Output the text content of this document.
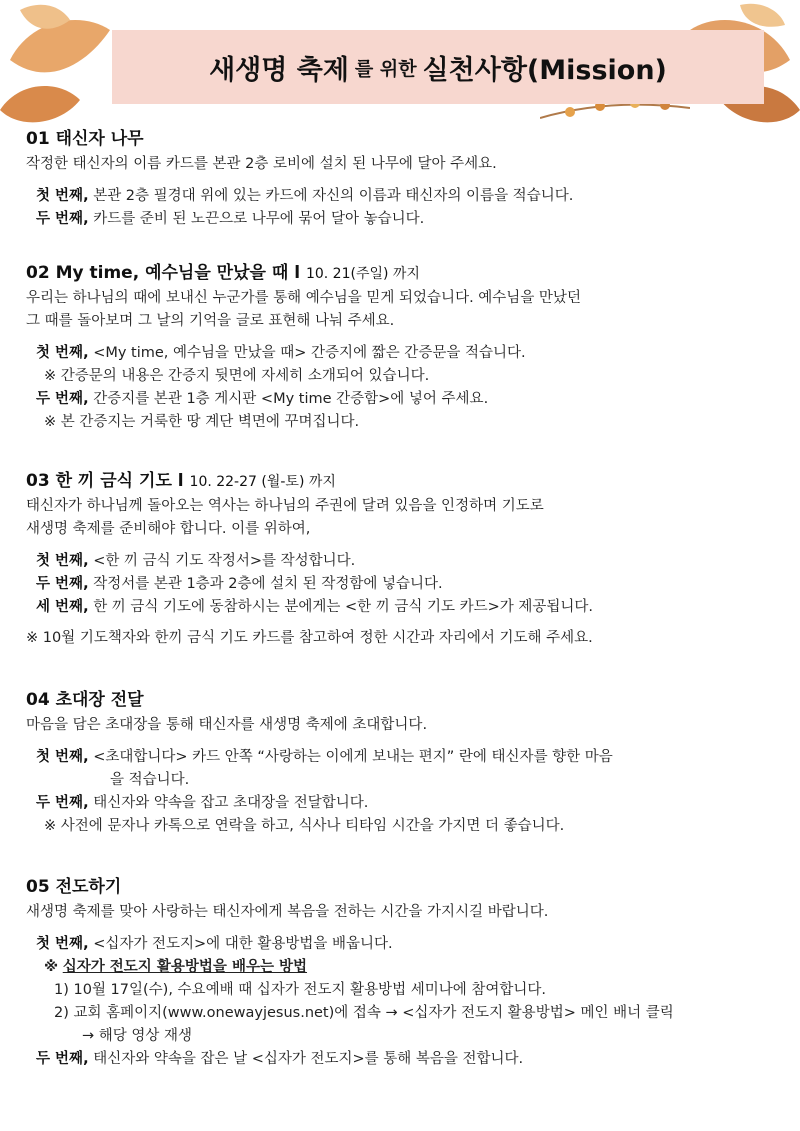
새생명 축제 를 위한 실천사항(Mission)
01 태신자 나무

작정한 태신자의 이름 카드를 본관 2층 로비에 설치 된 나무에 달아 주세요.

첫 번째, 본관 2층 필경대 위에 있는 카드에 자신의 이름과 태신자의 이름을 적습니다.
두 번째, 카드를 준비 된 노끈으로 나무에 묶어 달아 놓습니다.
02 My time, 예수님을 만났을 때 l 10. 21(주일) 까지

우리는 하나님의 때에 보내신 누군가를 통해 예수님을 믿게 되었습니다. 예수님을 만났던

그 때를 돌아보며 그 날의 기억을 글로 표현해 나눠 주세요.

첫 번째, <My time, 예수님을 만났을 때> 간증지에 짧은 간증문을 적습니다.
※ 간증문의 내용은 간증지 뒷면에 자세히 소개되어 있습니다.
두 번째, 간증지를 본관 1층 게시판 <My time 간증함>에 넣어 주세요.
※ 본 간증지는 거룩한 땅 계단 벽면에 꾸며집니다.
03 한 끼 금식 기도 l 10. 22-27 (월-토) 까지

태신자가 하나님께 돌아오는 역사는 하나님의 주권에 달려 있음을 인정하며 기도로

새생명 축제를 준비해야 합니다. 이를 위하여,

첫 번째, <한 끼 금식 기도 작정서>를 작성합니다.
두 번째, 작정서를 본관 1층과 2층에 설치 된 작정함에 넣습니다.
세 번째, 한 끼 금식 기도에 동참하시는 분에게는 <한 끼 금식 기도 카드>가 제공됩니다.
※ 10월 기도책자와 한끼 금식 기도 카드를 참고하여 정한 시간과 자리에서 기도해 주세요.
04 초대장 전달

마음을 담은 초대장을 통해 태신자를 새생명 축제에 초대합니다.

첫 번째, <초대합니다> 카드 안쪽 “사랑하는 이에게 보내는 편지” 란에 태신자를 향한 마음
을 적습니다.
두 번째, 태신자와 약속을 잡고 초대장을 전달합니다.
※ 사전에 문자나 카톡으로 연락을 하고, 식사나 티타임 시간을 가지면 더 좋습니다.
05 전도하기

새생명 축제를 맞아 사랑하는 태신자에게 복음을 전하는 시간을 가지시길 바랍니다.

첫 번째, <십자가 전도지>에 대한 활용방법을 배웁니다.
※ 십자가 전도지 활용방법을 배우는 방법
1) 10월 17일(수), 수요예배 때 십자가 전도지 활용방법 세미나에 참여합니다.
2) 교회 홈페이지(www.onewayjesus.net)에 접속 → <십자가 전도지 활용방법> 메인 배너 클릭
→ 해당 영상 재생
두 번째, 태신자와 약속을 잡은 날 <십자가 전도지>를 통해 복음을 전합니다.
